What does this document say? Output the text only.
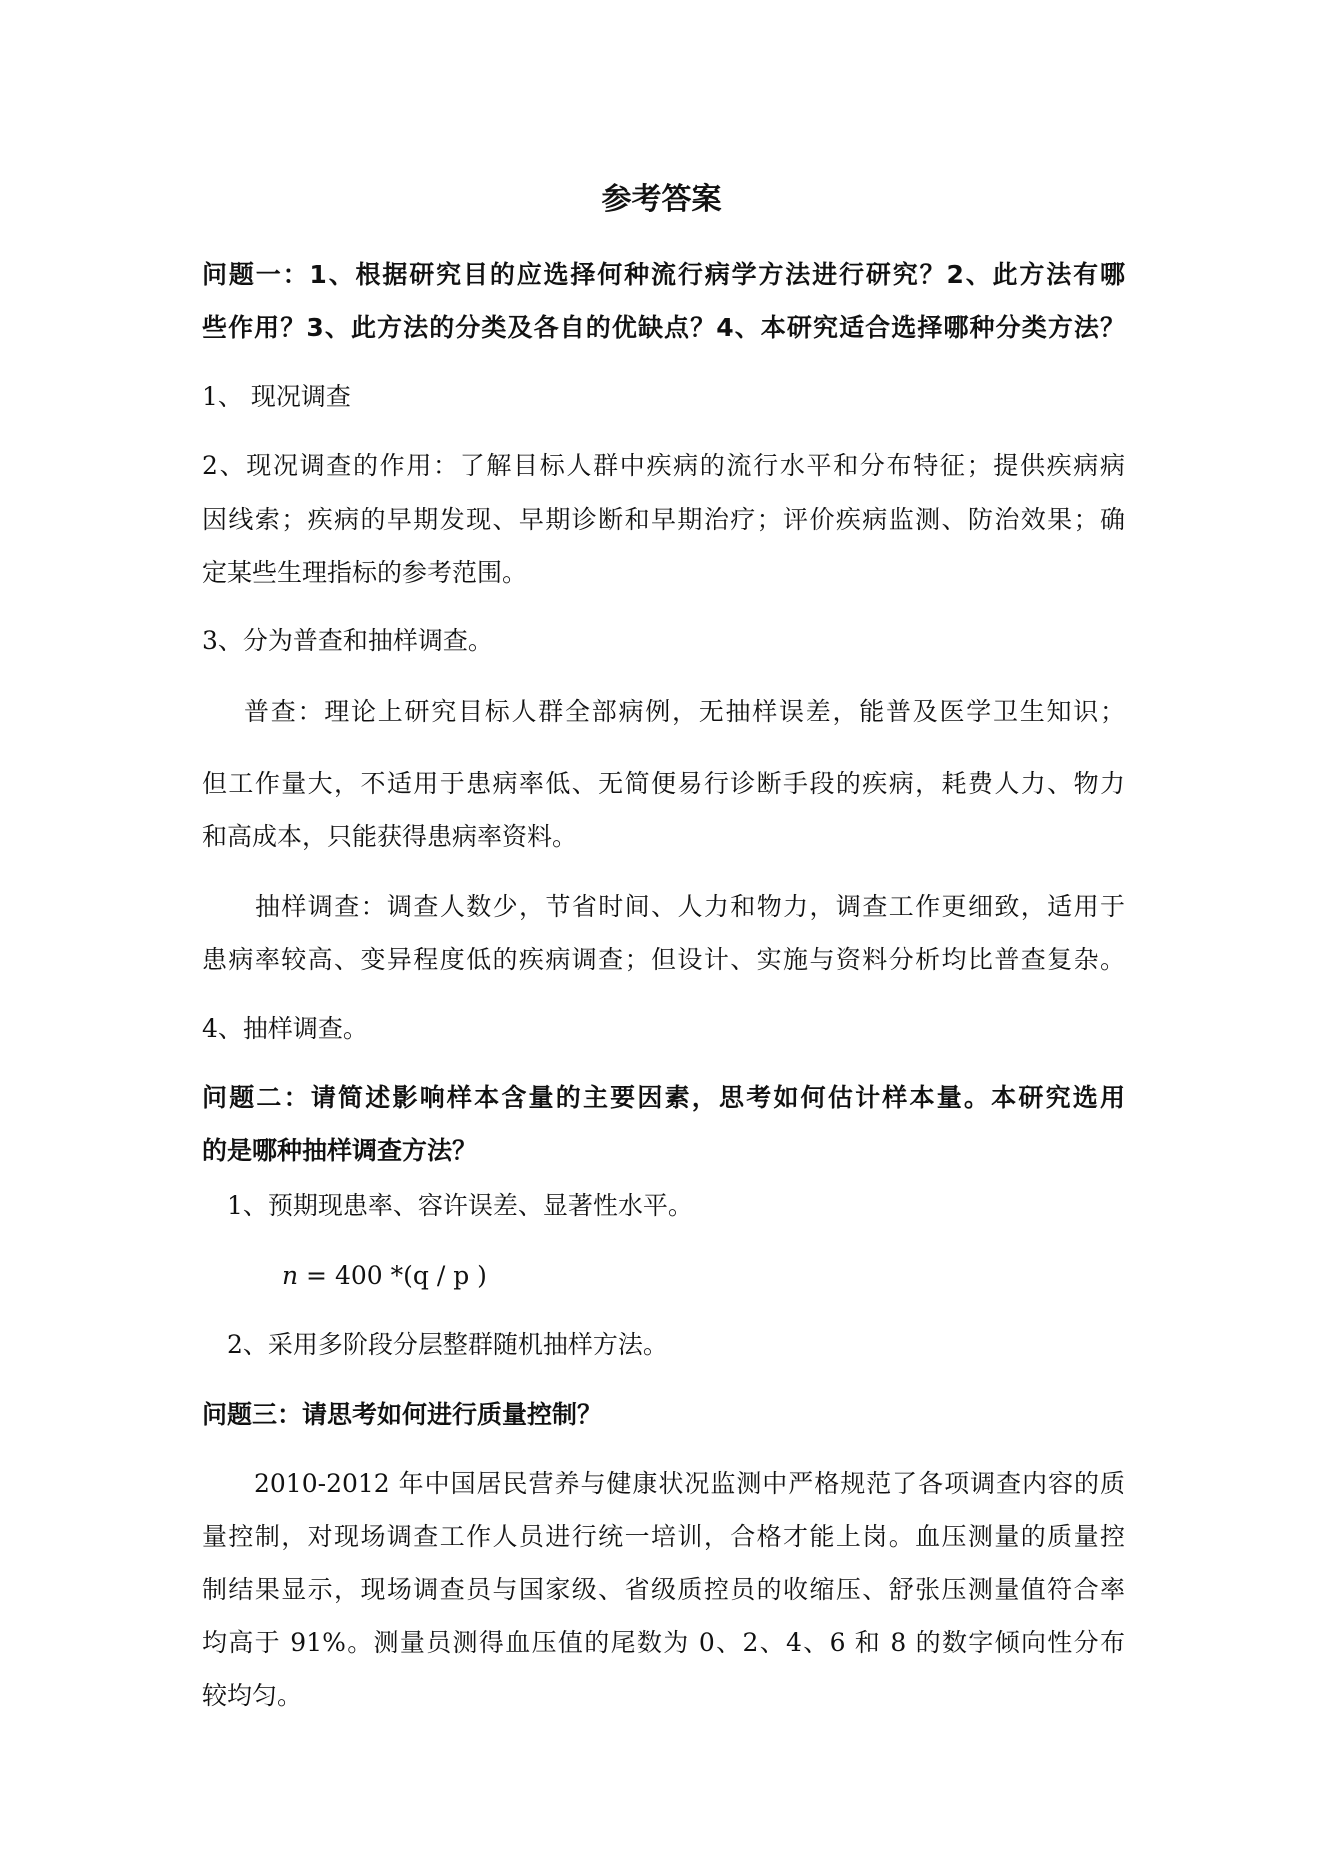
参考答案
问题一：1、根据研究目的应选择何种流行病学方法进行研究？2、此方法有哪
些作用？3、此方法的分类及各自的优缺点？4、本研究适合选择哪种分类方法？
1、 现况调查
2、现况调查的作用：了解目标人群中疾病的流行水平和分布特征；提供疾病病
因线索；疾病的早期发现、早期诊断和早期治疗；评价疾病监测、防治效果；确
定某些生理指标的参考范围。
3、分为普查和抽样调查。
普查：理论上研究目标人群全部病例，无抽样误差，能普及医学卫生知识；
但工作量大，不适用于患病率低、无简便易行诊断手段的疾病，耗费人力、物力
和高成本，只能获得患病率资料。
抽样调查：调查人数少，节省时间、人力和物力，调查工作更细致，适用于
患病率较高、变异程度低的疾病调查；但设计、实施与资料分析均比普查复杂。
4、抽样调查。
问题二：请简述影响样本含量的主要因素，思考如何估计样本量。本研究选用
的是哪种抽样调查方法？
1、预期现患率、容许误差、显著性水平。
n = 400 *(q / p )
2、采用多阶段分层整群随机抽样方法。
问题三：请思考如何进行质量控制？
2010-2012 年中国居民营养与健康状况监测中严格规范了各项调查内容的质
量控制，对现场调查工作人员进行统一培训，合格才能上岗。血压测量的质量控
制结果显示，现场调查员与国家级、省级质控员的收缩压、舒张压测量值符合率
均高于 91%。测量员测得血压值的尾数为 0、2、4、6 和 8 的数字倾向性分布
较均匀。
